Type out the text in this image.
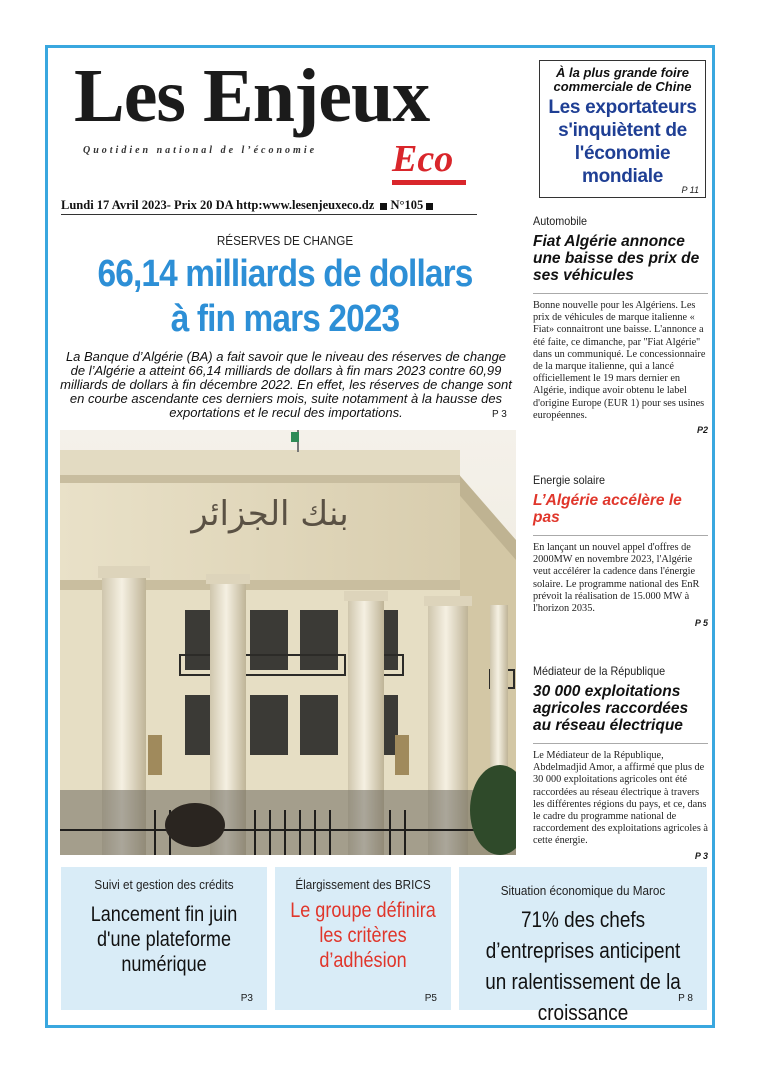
Les Enjeux
Quotidien national de l’économie Eco
Lundi 17 Avril 2023- Prix 20 DA http:www.lesenjeuxeco.dz N°105
À la plus grande foire commerciale de Chine
Les exportateurs s'inquiètent de l'économie mondiale
P 11
RÉSERVES DE CHANGE
66,14 milliards de dollars
à fin mars 2023
La Banque d’Algérie (BA) a fait savoir que le niveau des réserves de change de l’Algérie a atteint 66,14 milliards de dollars à fin mars 2023 contre 60,99 milliards de dollars à fin décembre 2022. En effet, les réserves de change sont en courbe ascendante ces derniers mois, suite notamment à la hausse des exportations et le recul des importations.	P 3
بنك الجزائر
Automobile
Fiat Algérie annonce une baisse des prix de ses véhicules
Bonne nouvelle pour les Algériens. Les prix de véhicules de marque italienne « Fiat» connaitront une baisse. L'annonce a été faite, ce dimanche, par ''Fiat Algérie'' dans un communiqué. Le concessionnaire de la marque italienne, qui a lancé officiellement le 19 mars dernier en Algérie, indique avoir obtenu le label d'origine Europe (EUR 1) pour ses usines européennes.
P2
Energie solaire
L’Algérie accélère le pas
En lançant un nouvel appel d'offres de 2000MW en novembre 2023, l'Algérie veut accélérer la cadence dans l'énergie solaire. Le programme national des EnR prévoit la réalisation de 15.000 MW à l'horizon 2035.
P 5
Médiateur de la République
30 000 exploitations agricoles raccordées au réseau électrique
Le Médiateur de la République, Abdelmadjid Amor, a affirmé que plus de 30 000 exploitations agricoles ont été raccordées au réseau électrique à travers les différentes régions du pays, et ce, dans le cadre du programme national de raccordement des exploitations agricoles à cette énergie.
P 3
Suivi et gestion des crédits
Lancement fin juin d'une plateforme numérique
P3
Élargissement des BRICS
Le groupe définira les critères d’adhésion
P5
Situation économique du Maroc
71% des chefs d’entreprises anticipent un ralentissement de la croissance
P 8
